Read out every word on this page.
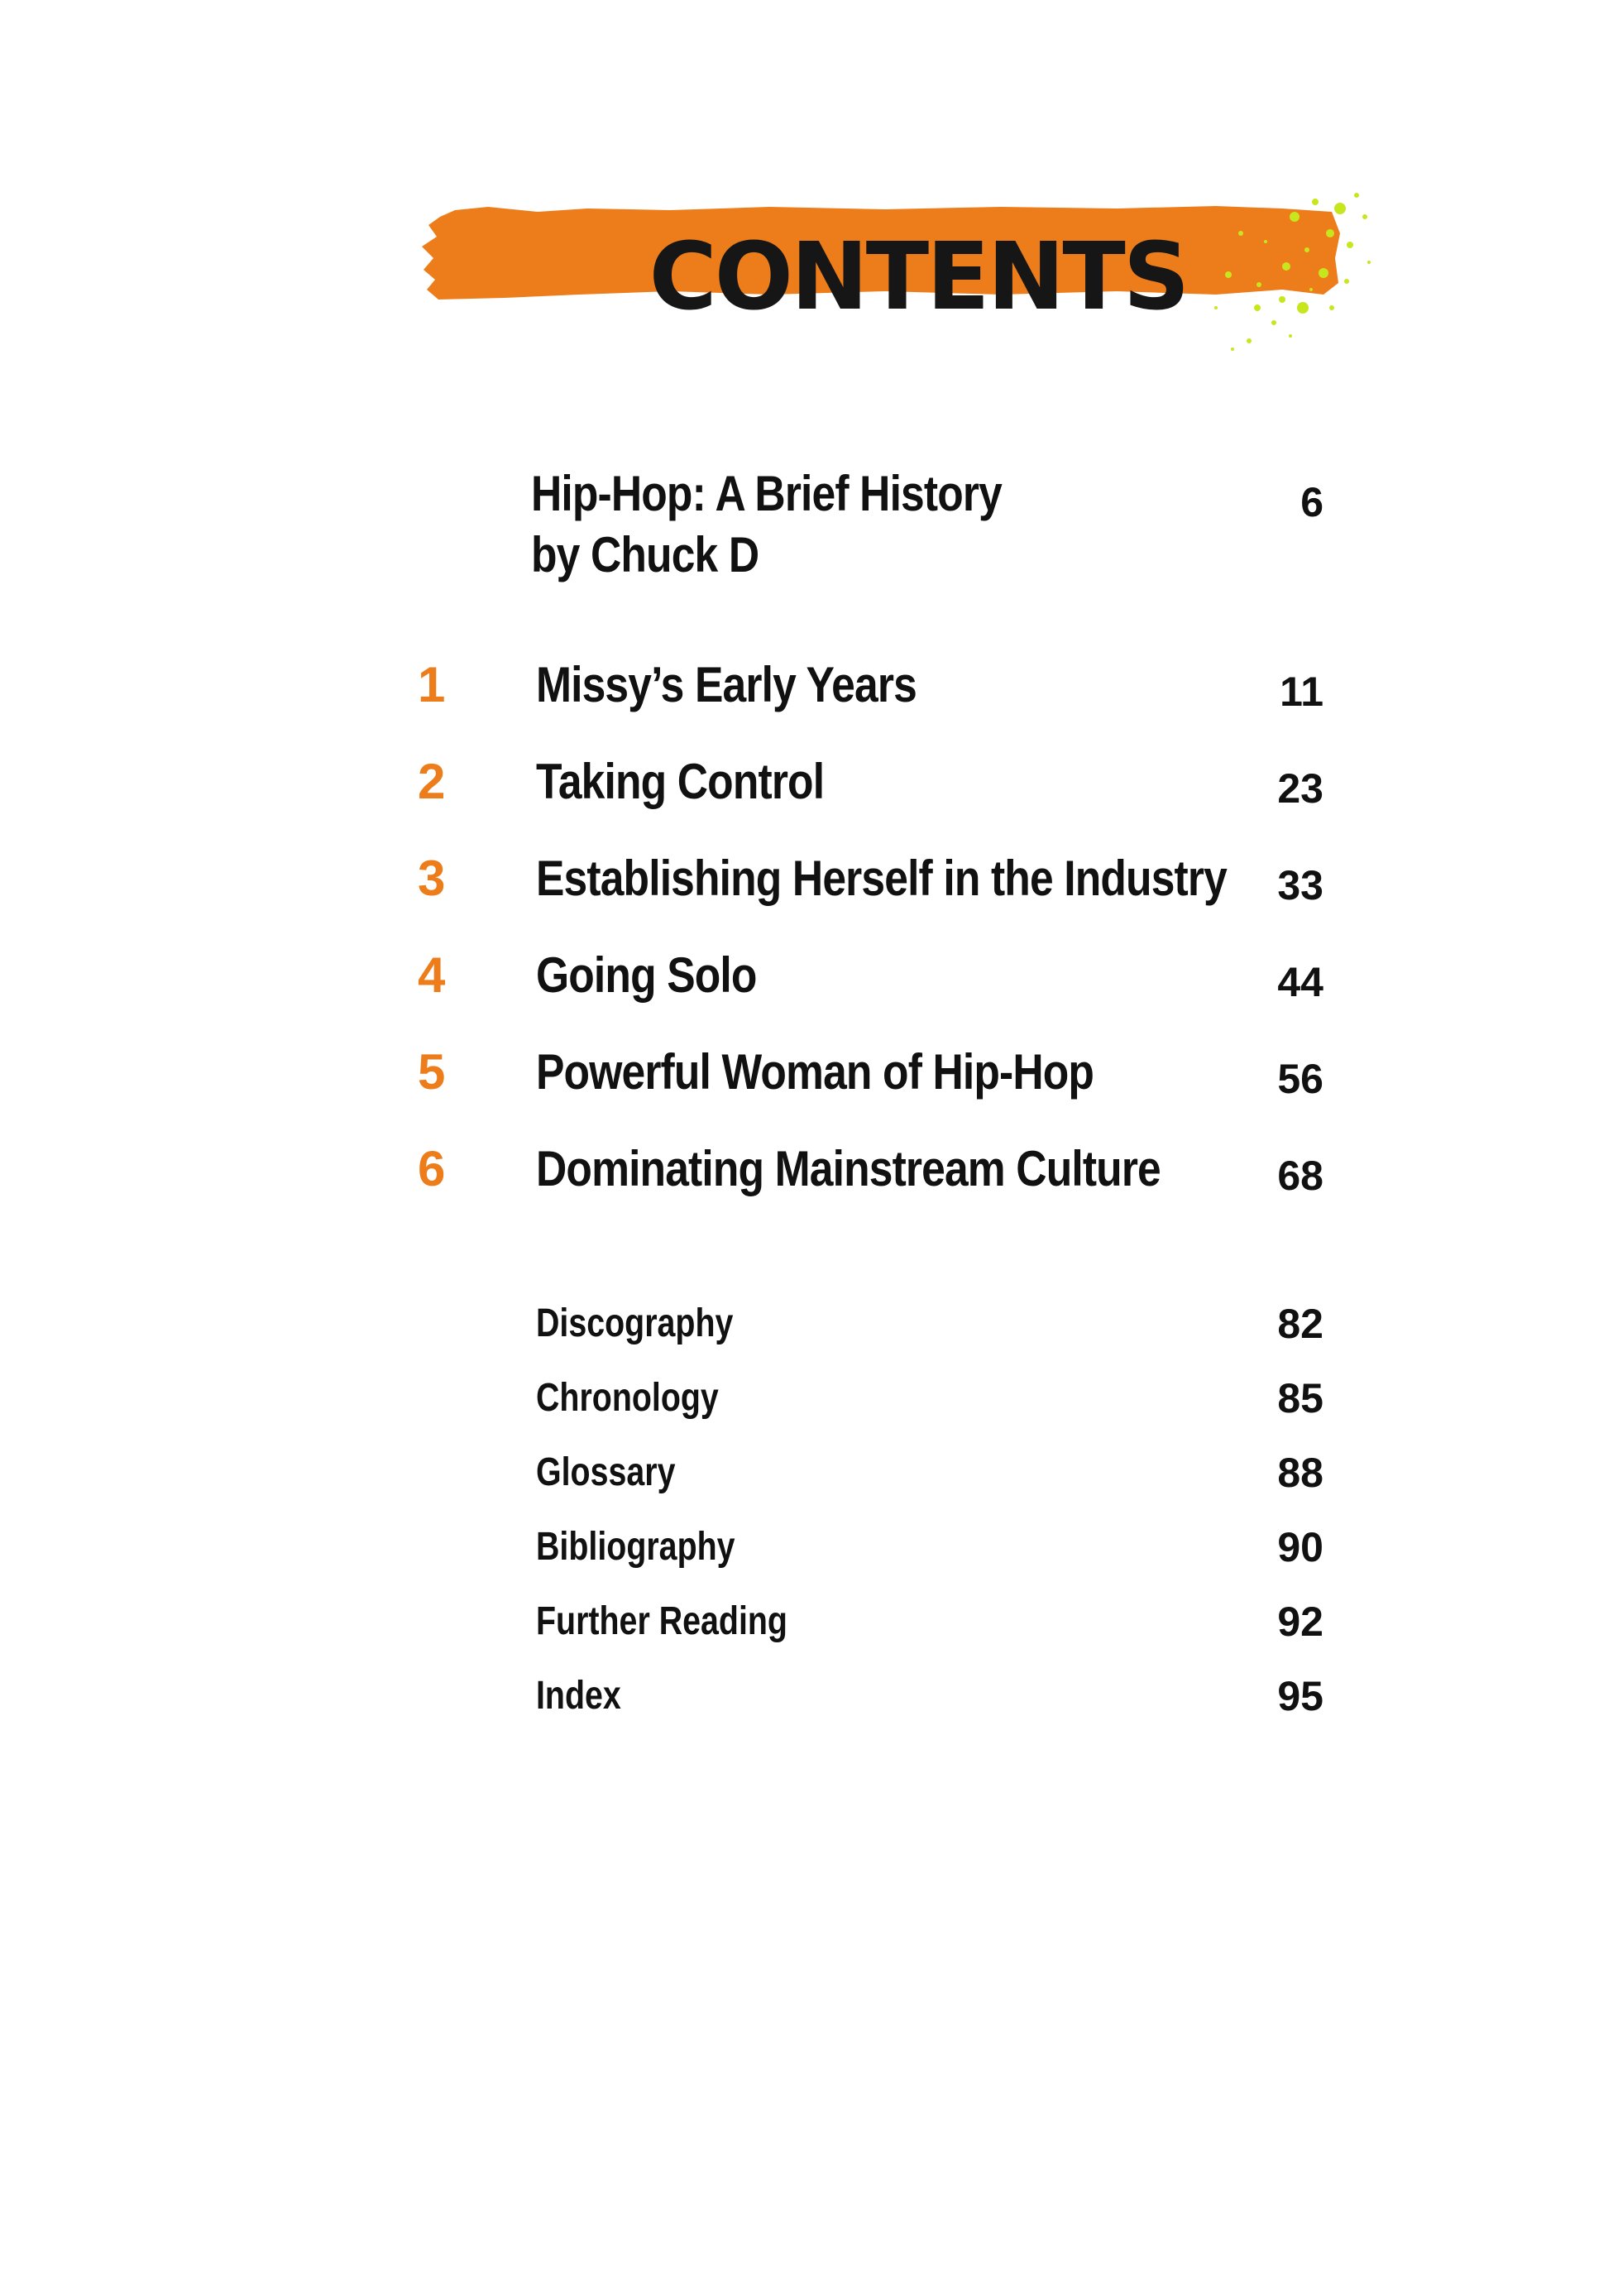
CONTENTS
Hip-Hop: A Brief History
by Chuck D
6
1 Missy’s Early Years	11
2 Taking Control	23
3 Establishing Herself in the Industry	33
4 Going Solo	44
5 Powerful Woman of Hip-Hop	56
6 Dominating Mainstream Culture	68
Discography	82
Chronology	85
Glossary	88
Bibliography	90
Further Reading	92
Index	95
